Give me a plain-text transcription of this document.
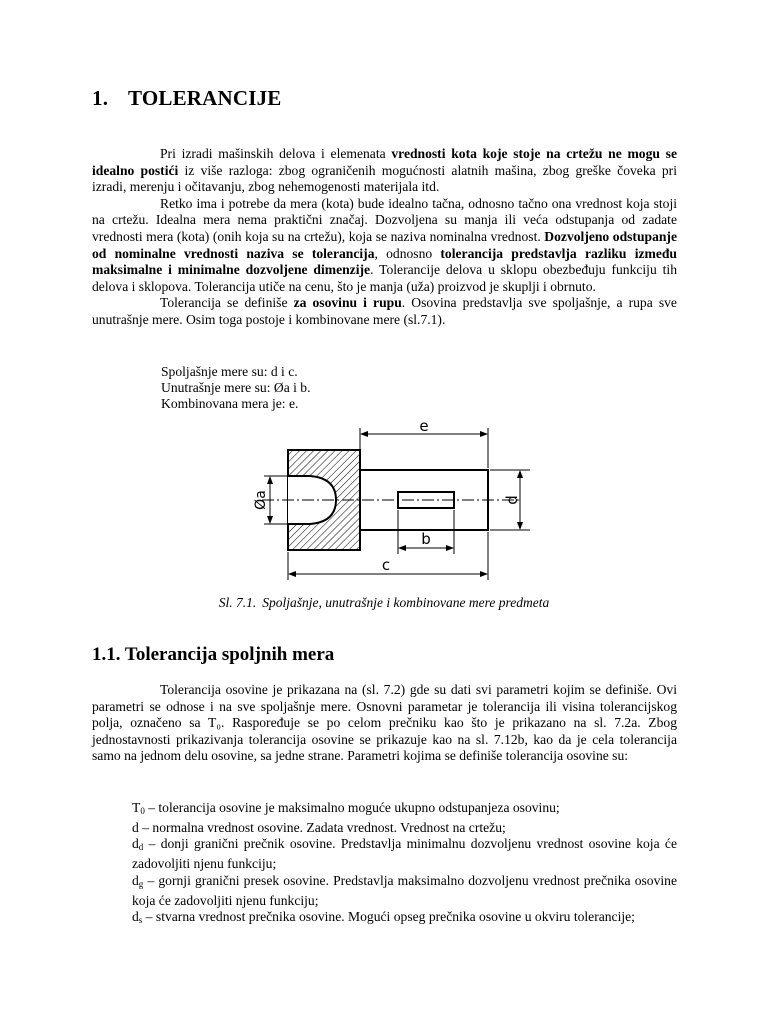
1. TOLERANCIJE

Pri izradi mašinskih delova i elemenata vrednosti kota koje stoje na crtežu ne mogu se idealno postići iz više razloga: zbog ograničenih mogućnosti alatnih mašina, zbog greške čoveka pri izradi, merenju i očitavanju, zbog nehemogenosti materijala itd.

Retko ima i potrebe da mera (kota) bude idealno tačna, odnosno tačno ona vrednost koja stoji na crtežu. Idealna mera nema praktični značaj. Dozvoljena su manja ili veća odstupanja od zadate vrednosti mera (kota) (onih koja su na crtežu), koja se naziva nominalna vrednost. Dozvoljeno odstupanje od nominalne vrednosti naziva se tolerancija, odnosno tolerancija predstavlja razliku između maksimalne i minimalne dozvoljene dimenzije. Tolerancije delova u sklopu obezbeđuju funkciju tih delova i sklopova. Tolerancija utiče na cenu, što je manja (uža) proizvod je skuplji i obrnuto.

Tolerancija se definiše za osovinu i rupu. Osovina predstavlja sve spoljašnje, a rupa sve unutrašnje mere. Osim toga postoje i kombinovane mere (sl.7.1).

Spoljašnje mere su: d i c.
Unutrašnje mere su: Øa i b.
Kombinovana mera je: e.
e
d
Øa
b
c
Sl. 7.1. Spoljašnje, unutrašnje i kombinovane mere predmeta
1.1. Tolerancija spoljnih mera

Tolerancija osovine je prikazana na (sl. 7.2) gde su dati svi parametri kojim se definiše. Ovi parametri se odnose i na sve spoljašnje mere. Osnovni parametar je tolerancija ili visina tolerancijskog polja, označeno sa T₀. Raspoređuje se po celom prečniku kao što je prikazano na sl. 7.2a. Zbog jednostavnosti prikazivanja tolerancija osovine se prikazuje kao na sl. 7.12b, kao da je cela tolerancija samo na jednom delu osovine, sa jedne strane. Parametri kojima se definiše tolerancija osovine su:

$T_0$ – tolerancija osovine je maksimalno moguće ukupno odstupanjeza osovinu;

d – normalna vrednost osovine. Zadata vrednost. Vrednost na crtežu;

$d_d$ – donji granični prečnik osovine. Predstavlja minimalnu dozvoljenu vrednost osovine koja će zadovoljiti njenu funkciju;

$d_g$ – gornji granični presek osovine. Predstavlja maksimalno dozvoljenu vrednost prečnika osovine koja će zadovoljiti njenu funkciju;

$d_s$ – stvarna vrednost prečnika osovine. Mogući opseg prečnika osovine u okviru tolerancije;
